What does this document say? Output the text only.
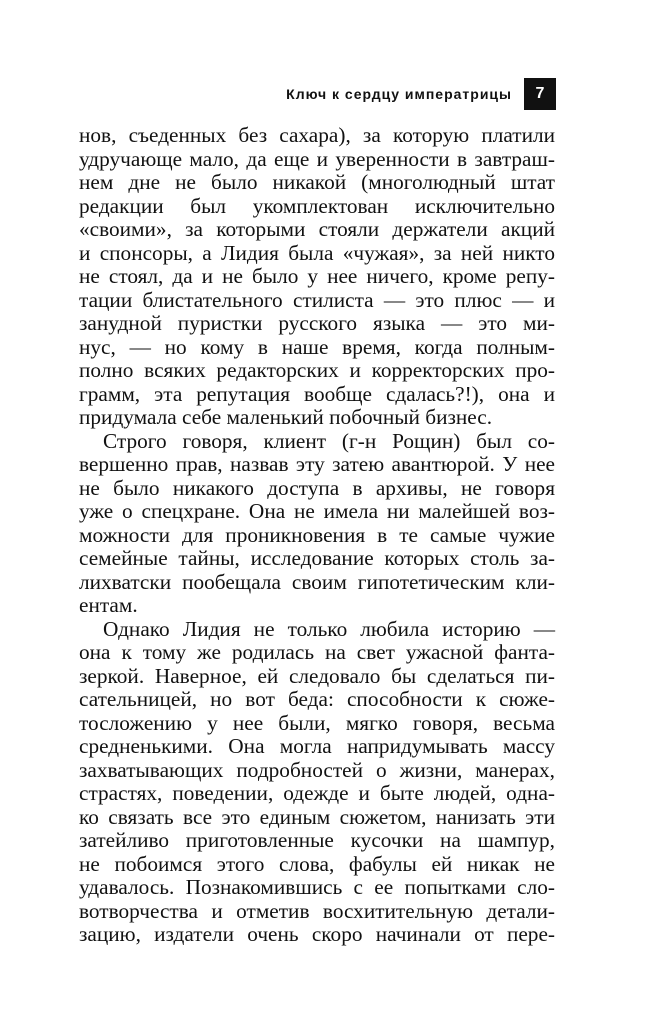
Ключ к сердцу императрицы	7
нов, съеденных без сахара), за которую платили
удручающе мало, да еще и уверенности в завтраш-
нем дне не было никакой (многолюдный штат
редакции был укомплектован исключительно
«своими», за которыми стояли держатели акций
и спонсоры, а Лидия была «чужая», за ней никто
не стоял, да и не было у нее ничего, кроме репу-
тации блистательного стилиста — это плюс — и
занудной пуристки русского языка — это ми-
нус, — но кому в наше время, когда полным-
полно всяких редакторских и корректорских про-
грамм, эта репутация вообще сдалась?!), она и
придумала себе маленький побочный бизнес.
Строго говоря, клиент (г-н Рощин) был со-
вершенно прав, назвав эту затею авантюрой. У нее
не было никакого доступа в архивы, не говоря
уже о спецхране. Она не имела ни малейшей воз-
можности для проникновения в те самые чужие
семейные тайны, исследование которых столь за-
лихватски пообещала своим гипотетическим кли-
ентам.
Однако Лидия не только любила историю —
она к тому же родилась на свет ужасной фанта-
зеркой. Наверное, ей следовало бы сделаться пи-
сательницей, но вот беда: способности к сюже-
тосложению у нее были, мягко говоря, весьма
средненькими. Она могла напридумывать массу
захватывающих подробностей о жизни, манерах,
страстях, поведении, одежде и быте людей, одна-
ко связать все это единым сюжетом, нанизать эти
затейливо приготовленные кусочки на шампур,
не побоимся этого слова, фабулы ей никак не
удавалось. Познакомившись с ее попытками сло-
вотворчества и отметив восхитительную детали-
зацию, издатели очень скоро начинали от пере-
